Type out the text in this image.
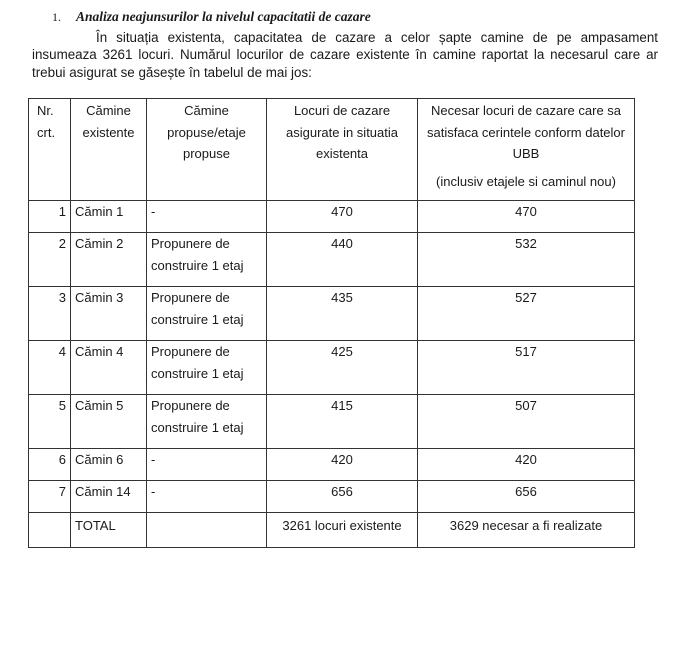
1. Analiza neajunsurilor la nivelul capacitatii de cazare
În situația existenta, capacitatea de cazare a celor șapte camine de pe ampasament insumeaza 3261 locuri. Numărul locurilor de cazare existente în camine raportat la necesarul care ar trebui asigurat se găsește în tabelul de mai jos:
Nr. crt.	Cămine existente	Cămine propuse/etaje propuse	Locuri de cazare asigurate in situatia existenta	Necesar locuri de cazare care sa satisfaca cerintele conform datelor UBB
(inclusiv etajele si caminul nou)

1	Cămin 1	-	470	470
2	Cămin 2	Propunere de construire 1 etaj	440	532
3	Cămin 3	Propunere de construire 1 etaj	435	527
4	Cămin 4	Propunere de construire 1 etaj	425	517
5	Cămin 5	Propunere de construire 1 etaj	415	507
6	Cămin 6	-	420	420
7	Cămin 14	-	656	656
	TOTAL		3261 locuri existente	3629 necesar a fi realizate
